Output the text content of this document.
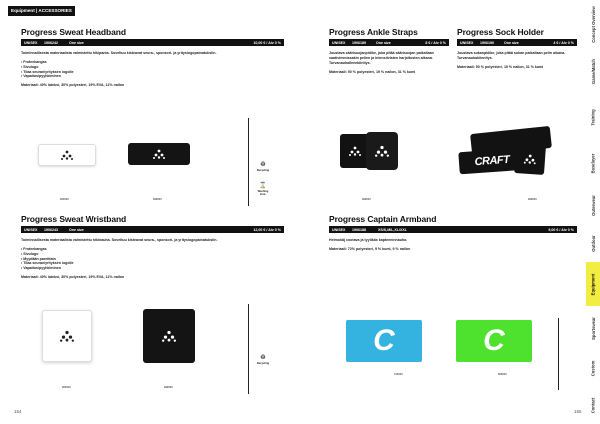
Equipment | ACCESSORIES
Progress Sweat Headband
UNISEX	1906242	One size	10,00 € / Alv 0 %
Toiminnallisesta materiaalista valmistettu hikipanta. Soveltuu kisteavat seura-, sponsori- ja yritysiogopainatuksiin.
• Froteekangas
• Sivulogo
• Tilaa seuran/yrityksen logolle
• Vapaitus/pyyhkiminen
Materiaali: 40% lateksi, 30% polyesteri, 19% EVA, 11% nailon
900000	999000
♲
Recycling
⌛
Washing instr.
Progress Sweat Wristband
UNISEX	1906243	One size	12,00 € / Alv 0 %
Toiminnallisesta materiaalista valmistettu hikinauha. Soveltuu kisteavat seura-, sponsori- ja yritysiogopainatuksiin.
• Froteekangas
• Sivulogo
• Myydään pareittain
• Tilaa seuran/yrityksen logolle
• Vapaitus/pyyhkiminen
Materiaali: 40% lateksi, 30% polyesteri, 19% EVA, 11% nailon
900000	999000
♲
Recycling
154
Progress Ankle Straps
UNISEX	1906189	One size	8 € / Alv 0 %
Joustava säärisuojanpidike, joka pitää säärisuojan paikallaan vaativimmissakin pelien ja intensiivisten harjoitusten aikana. Turvanauhalleenkiinitys.
Materiaali: 50 % polyesteri, 19 % nailon, 31 % kumi
999000
Progress Sock Holder
UNISEX	1906190	One size	4 € / Alv 0 %
Joustava sukanpidike, joka pitää sukan paikallaan pelin aikana. Turvanauhakiinnitys.
Materiaali: 50 % polyesteri, 19 % nailon, 31 % kumi
CRAFT
999000
Progress Captain Armband
UNISEX	1906188	XS/S,M/L,XL/XXL	5,00 € / Alv 0 %
Helmokäj cootava ja tyylikäs kapteeninnauha.
Materiaali: 72% polyesteri, 9 % kumi, 9 % nailon
C
315000
C
806000
155
Concept Overview
Game/Match
Training
Baselayer
Outerwear
Outdoor
Equipment
Sportswear
Custom
Contact
